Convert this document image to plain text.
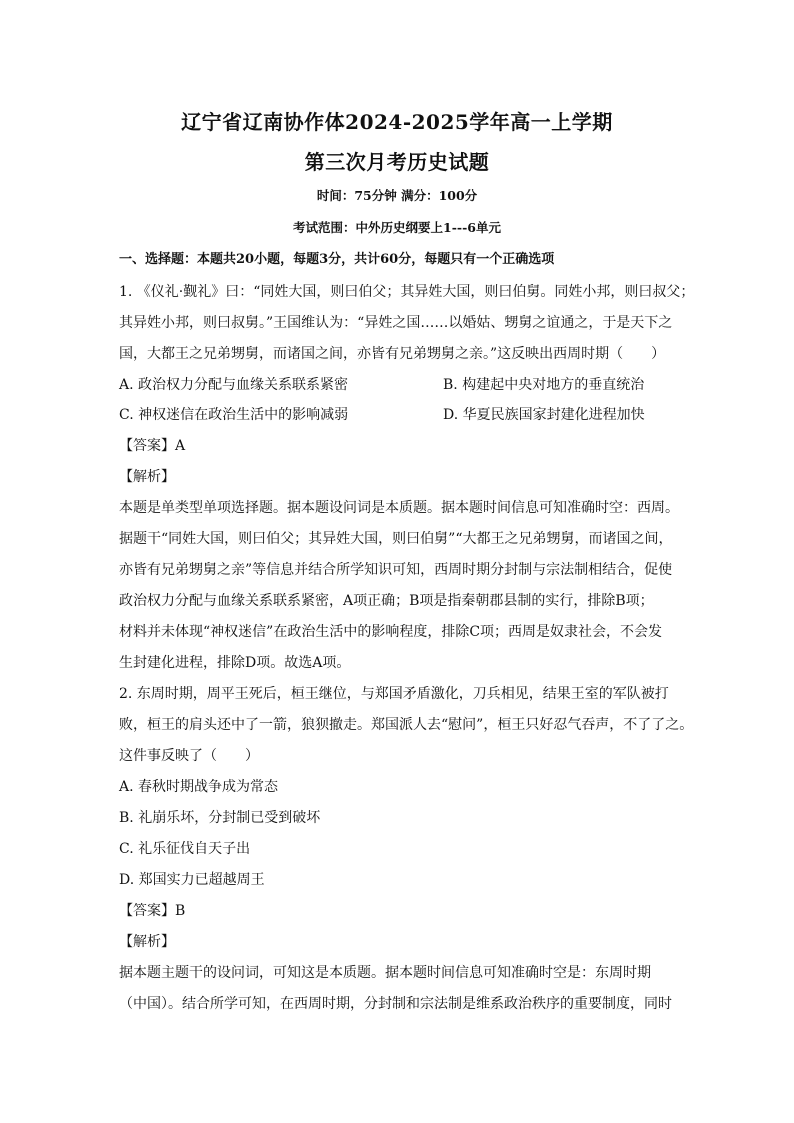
辽宁省辽南协作体2024-2025学年高一上学期
第三次月考历史试题
时间：75分钟 满分：100分
考试范围：中外历史纲要上1---6单元
一、选择题：本题共20小题，每题3分，共计60分，每题只有一个正确选项
1. 《仪礼·觐礼》曰：“同姓大国，则曰伯父；其异姓大国，则曰伯舅。同姓小邦，则曰叔父；
其异姓小邦，则曰叔舅。”王国维认为：“异姓之国……以婚姑、甥舅之谊通之，于是天下之
国，大都王之兄弟甥舅，而诸国之间，亦皆有兄弟甥舅之亲。”这反映出西周时期（　　）
A. 政治权力分配与血缘关系联系紧密	B. 构建起中央对地方的垂直统治
C. 神权迷信在政治生活中的影响减弱	D. 华夏民族国家封建化进程加快
【答案】A
【解析】
本题是单类型单项选择题。据本题设问词是本质题。据本题时间信息可知准确时空：西周。
据题干“同姓大国，则曰伯父；其异姓大国，则曰伯舅”“大都王之兄弟甥舅，而诸国之间，
亦皆有兄弟甥舅之亲”等信息并结合所学知识可知，西周时期分封制与宗法制相结合，促使
政治权力分配与血缘关系联系紧密，A项正确；B项是指秦朝郡县制的实行，排除B项；
材料并未体现“神权迷信”在政治生活中的影响程度，排除C项；西周是奴隶社会，不会发
生封建化进程，排除D项。故选A项。
2. 东周时期，周平王死后，桓王继位，与郑国矛盾激化，刀兵相见，结果王室的军队被打
败，桓王的肩头还中了一箭，狼狈撤走。郑国派人去“慰问”，桓王只好忍气吞声，不了了之。
这件事反映了（　　）
A. 春秋时期战争成为常态
B. 礼崩乐坏，分封制已受到破坏
C. 礼乐征伐自天子出
D. 郑国实力已超越周王
【答案】B
【解析】
据本题主题干的设问词，可知这是本质题。据本题时间信息可知准确时空是：东周时期
（中国）。结合所学可知，在西周时期，分封制和宗法制是维系政治秩序的重要制度，同时
